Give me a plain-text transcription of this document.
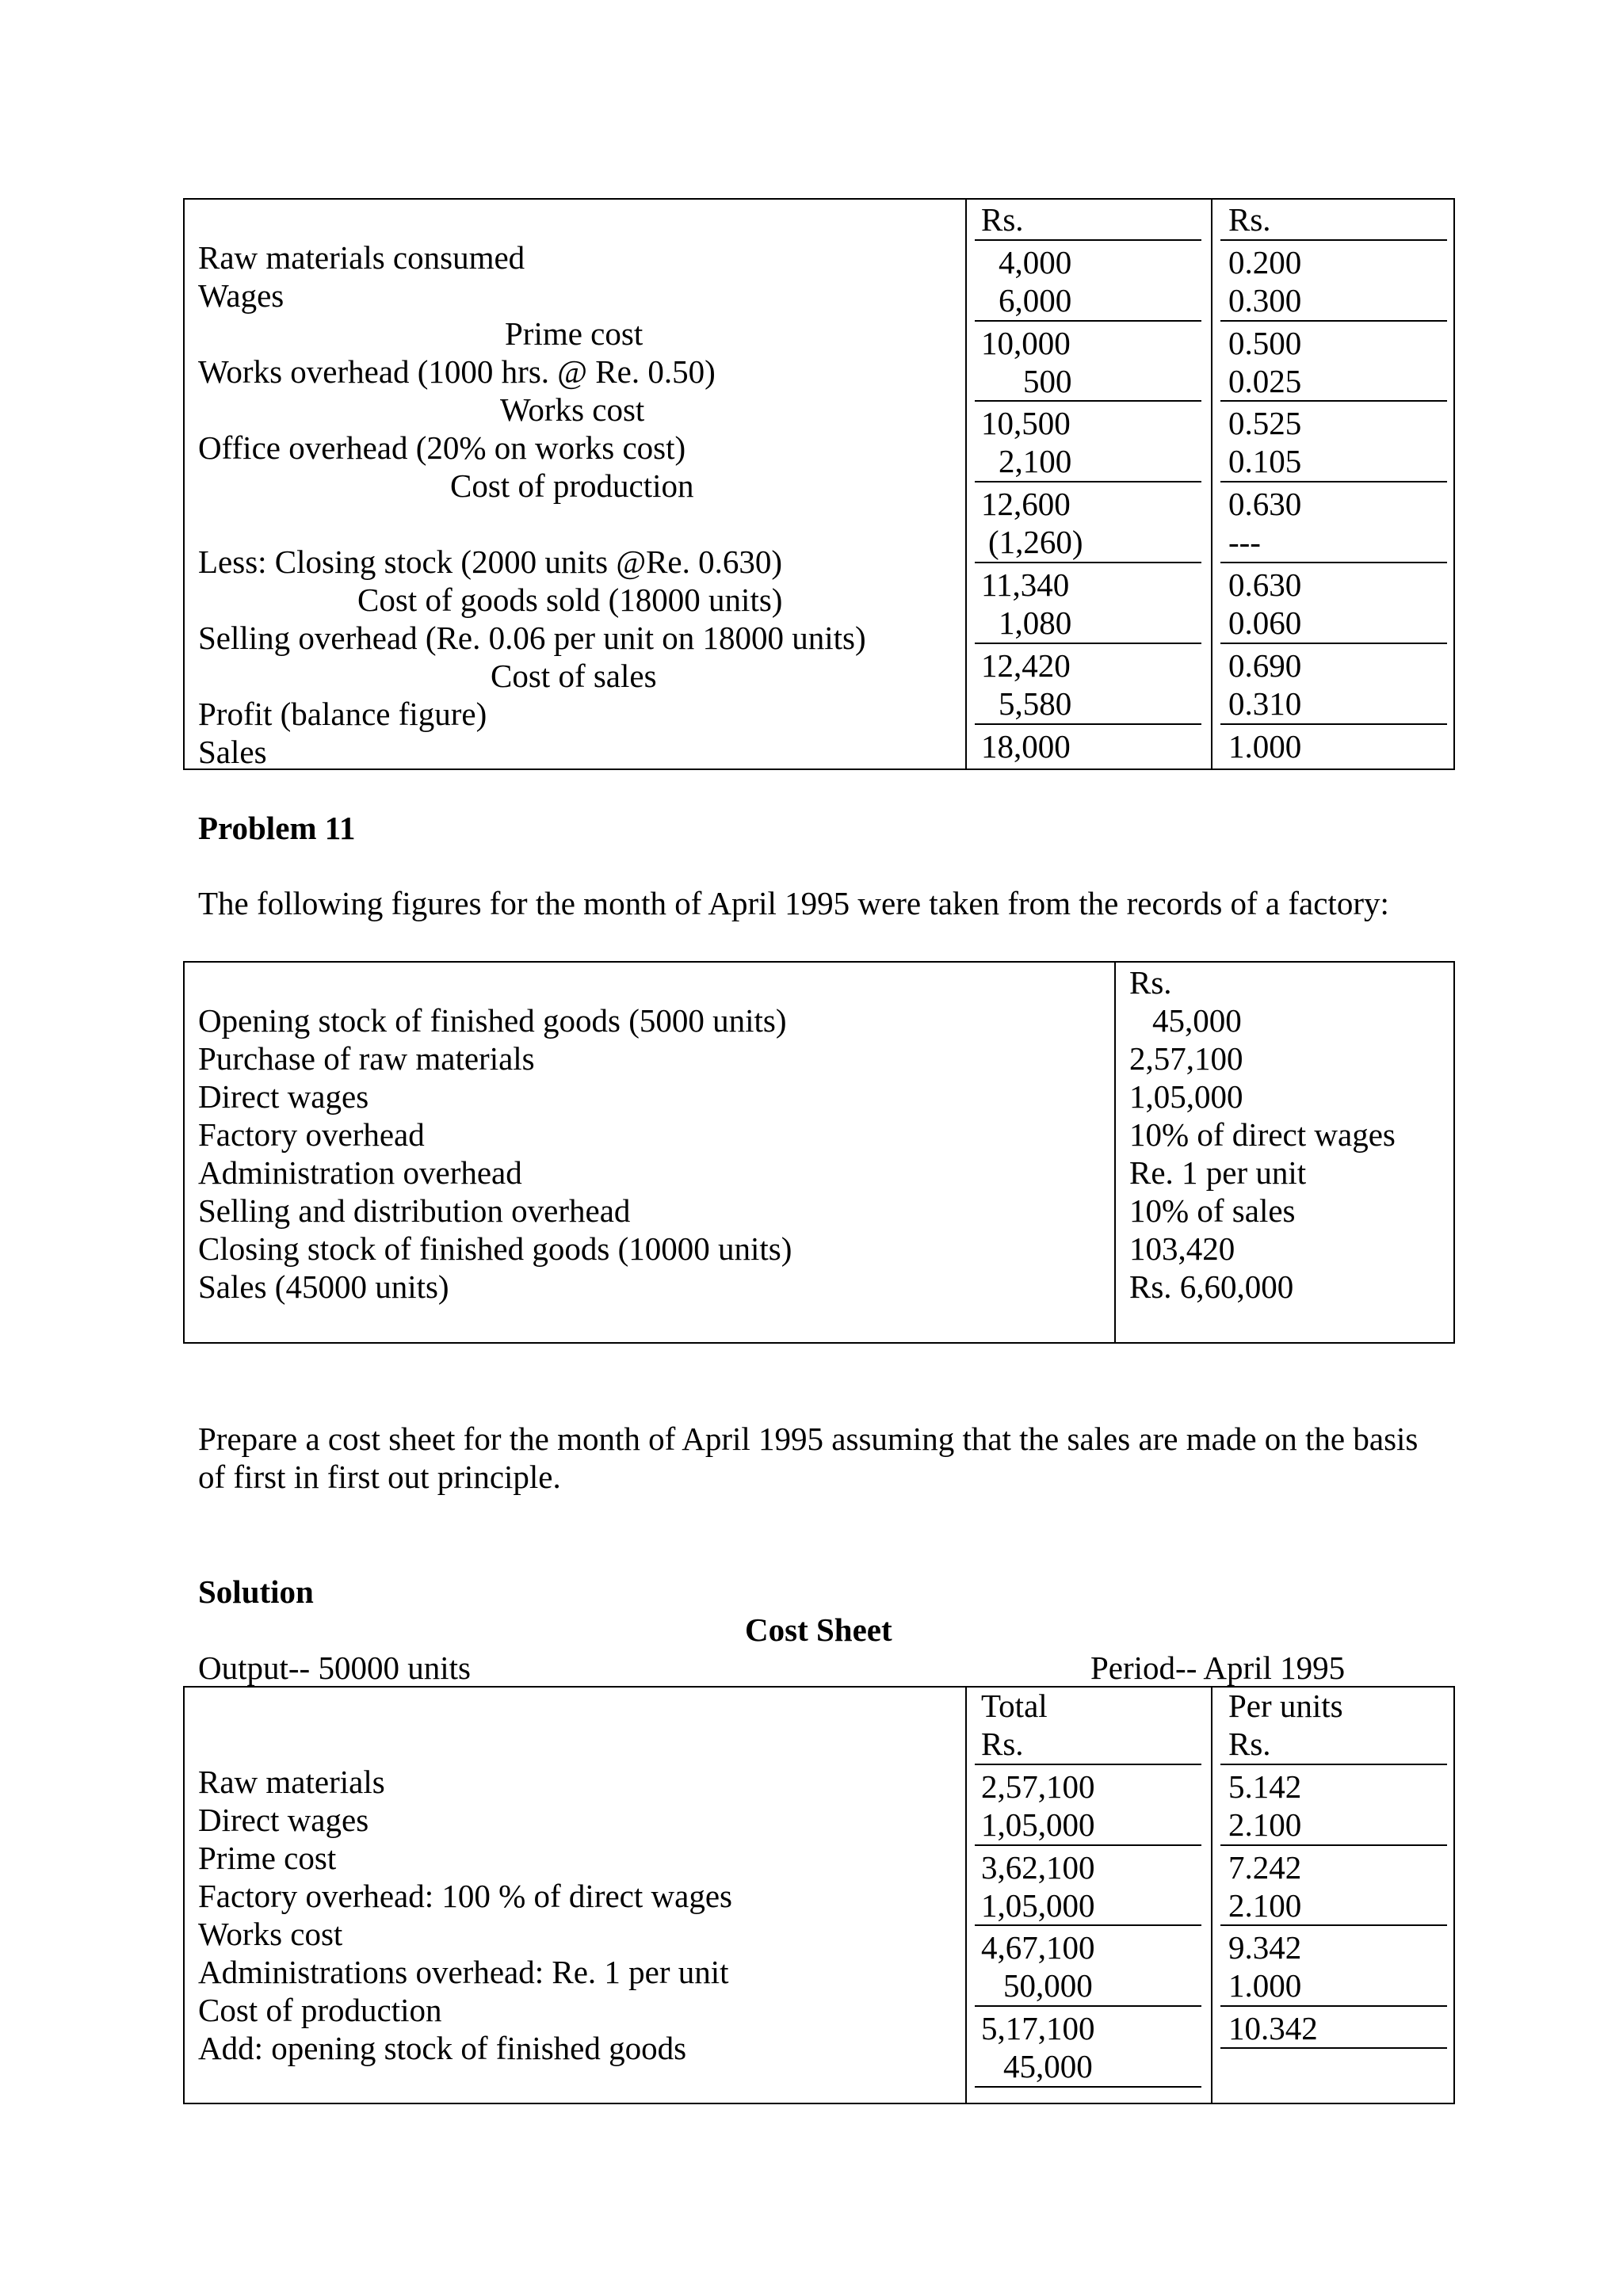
Rs.	Rs.
Raw materials consumed
Wages
Prime cost
Works overhead (1000 hrs. @ Re. 0.50)
Works cost
Office overhead (20% on works cost)
Cost of production
Less: Closing stock (2000 units @Re. 0.630)
Cost of goods sold (18000 units)
Selling overhead (Re. 0.06 per unit on 18000 units)
Cost of sales
Profit (balance figure)
Sales
4,000
6,000
10,000
500
10,500
2,100
12,600
(1,260)
11,340
1,080
12,420
5,580
18,000
0.200
0.300
0.500
0.025
0.525
0.105
0.630
---
0.630
0.060
0.690
0.310
1.000
Problem 11
The following figures for the month of April 1995 were taken from the records of a factory:
Rs.
Opening stock of finished goods (5000 units)
Purchase of raw materials
Direct wages
Factory overhead
Administration overhead
Selling and distribution overhead
Closing stock of finished goods (10000 units)
Sales (45000 units)
45,000
2,57,100
1,05,000
10% of direct wages
Re. 1 per unit
10% of sales
103,420
Rs. 6,60,000
Prepare a cost sheet for the month of April 1995 assuming that the sales are made on the basis
of first in first out principle.
Solution
Cost Sheet
Output-- 50000 units	Period-- April 1995
Total
Rs.
Per units
Rs.
Raw materials
Direct wages
Prime cost
Factory overhead: 100 % of direct wages
Works cost
Administrations overhead: Re. 1 per unit
Cost of production
Add: opening stock of finished goods
2,57,100
1,05,000
3,62,100
1,05,000
4,67,100
50,000
5,17,100
45,000
5.142
2.100
7.242
2.100
9.342
1.000
10.342
